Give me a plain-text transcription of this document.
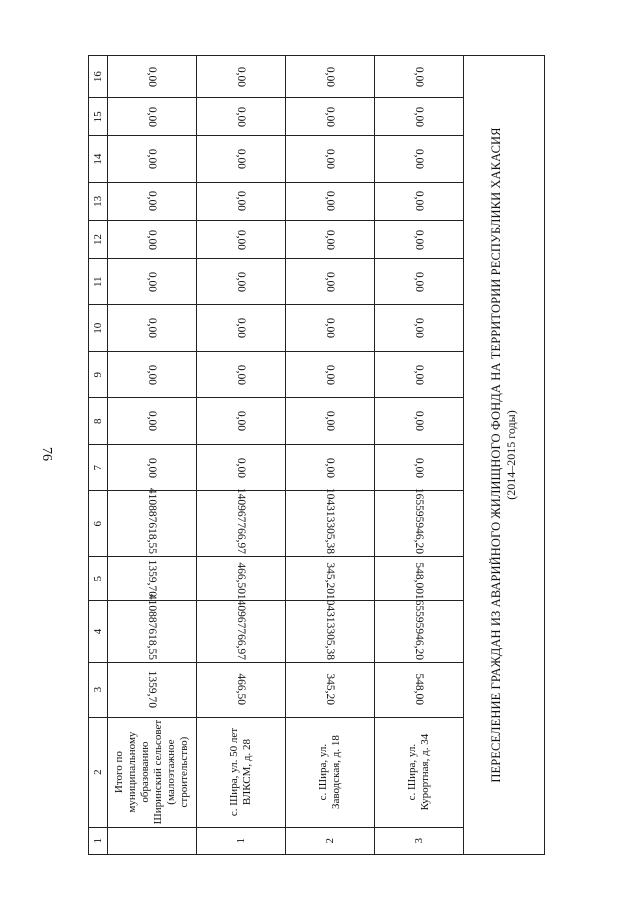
76
1	2	3	4	5	6	7	8	9	10	11	12	13	14	15	16
	Итого по муниципальному образованию Ширинский сельсовет (малоэтажное строительство)	1359,70	410887618,55	1359,70	410887618,55	0,00	0,00	0,00	0,00	0,00	0,00	0,00	0,00	0,00	0,00
1	с. Шира, ул. 50 лет ВЛКСМ, д. 28	466,50	140967766,97	466,50	140967766,97	0,00	0,00	0,00	0,00	0,00	0,00	0,00	0,00	0,00	0,00
2	с. Шира, ул. Заводская, д. 18	345,20	104313305,38	345,20	104313305,38	0,00	0,00	0,00	0,00	0,00	0,00	0,00	0,00	0,00	0,00
3	с. Шира, ул. Курортная, д. 34	548,00	165595946,20	548,00	165595946,20	0,00	0,00	0,00	0,00	0,00	0,00	0,00	0,00	0,00	0,00

ПЕРЕСЕЛЕНИЕ ГРАЖДАН ИЗ АВАРИЙНОГО ЖИЛИЩНОГО ФОНДА НА ТЕРРИТОРИИ РЕСПУБЛИКИ ХАКАСИЯ (2014–2015 годы)															
